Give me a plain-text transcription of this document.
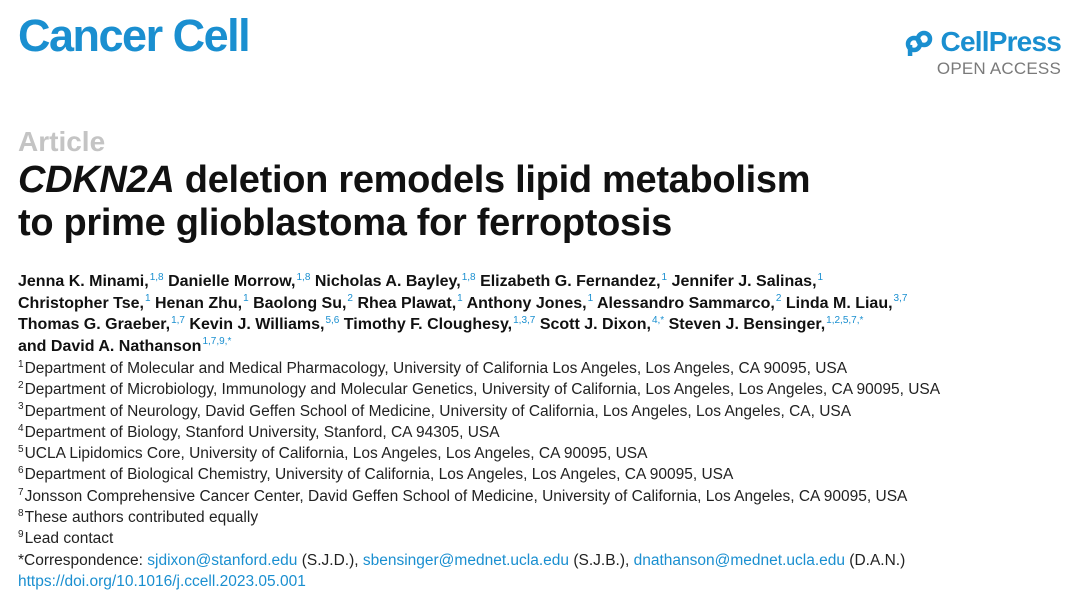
Cancer Cell	CellPress
OPEN ACCESS
Article
CDKN2A deletion remodels lipid metabolism
to prime glioblastoma for ferroptosis
Jenna K. Minami,$^{1,8}$ Danielle Morrow,$^{1,8}$ Nicholas A. Bayley,$^{1,8}$ Elizabeth G. Fernandez,$^1$ Jennifer J. Salinas,$^1$
Christopher Tse,$^1$ Henan Zhu,$^1$ Baolong Su,$^2$ Rhea Plawat,$^1$ Anthony Jones,$^1$ Alessandro Sammarco,$^2$ Linda M. Liau,$^{3,7}$
Thomas G. Graeber,$^{1,7}$ Kevin J. Williams,$^{5,6}$ Timothy F. Cloughesy,$^{1,3,7}$ Scott J. Dixon,$^{4,*}$ Steven J. Bensinger,$^{1,2,5,7,*}$
and David A. Nathanson$^{1,7,9,*}$
$^1$Department of Molecular and Medical Pharmacology, University of California Los Angeles, Los Angeles, CA 90095, USA
$^2$Department of Microbiology, Immunology and Molecular Genetics, University of California, Los Angeles, Los Angeles, CA 90095, USA
$^3$Department of Neurology, David Geffen School of Medicine, University of California, Los Angeles, Los Angeles, CA, USA
$^4$Department of Biology, Stanford University, Stanford, CA 94305, USA
$^5$UCLA Lipidomics Core, University of California, Los Angeles, Los Angeles, CA 90095, USA
$^6$Department of Biological Chemistry, University of California, Los Angeles, Los Angeles, CA 90095, USA
$^7$Jonsson Comprehensive Cancer Center, David Geffen School of Medicine, University of California, Los Angeles, CA 90095, USA
$^8$These authors contributed equally
$^9$Lead contact
*Correspondence: sjdixon@stanford.edu (S.J.D.), sbensinger@mednet.ucla.edu (S.J.B.), dnathanson@mednet.ucla.edu (D.A.N.)
https://doi.org/10.1016/j.ccell.2023.05.001
